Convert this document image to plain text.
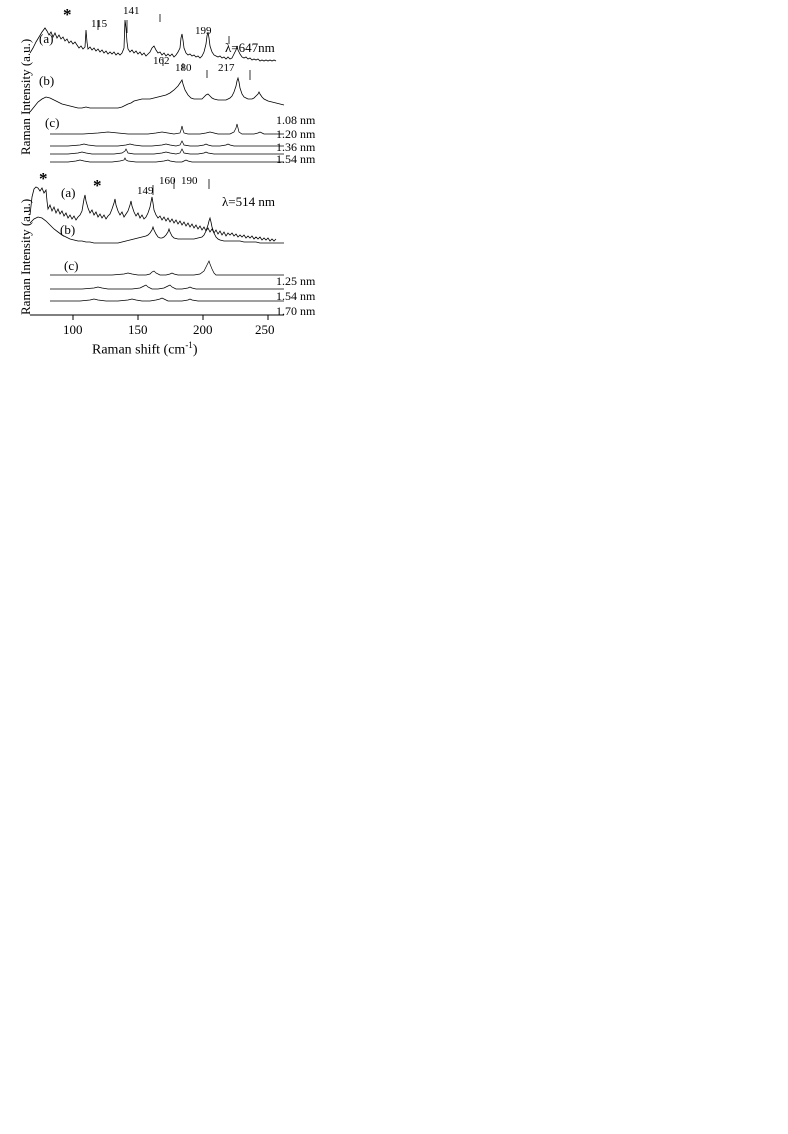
Raman Intensity (a.u.)
Raman Intensity (a.u.)
* 115
141
162
180
199
217
(a)
(b)
(c)
λ=647nm
1.08 nm
1.20 nm
1.36 nm
1.54 nm
*	*	149
160 190
(a)
(b)
(c)
λ=514 nm
1.25 nm
1.54 nm
1.70 nm
100	150	200	250
Raman shift $(cm^{-1})$
